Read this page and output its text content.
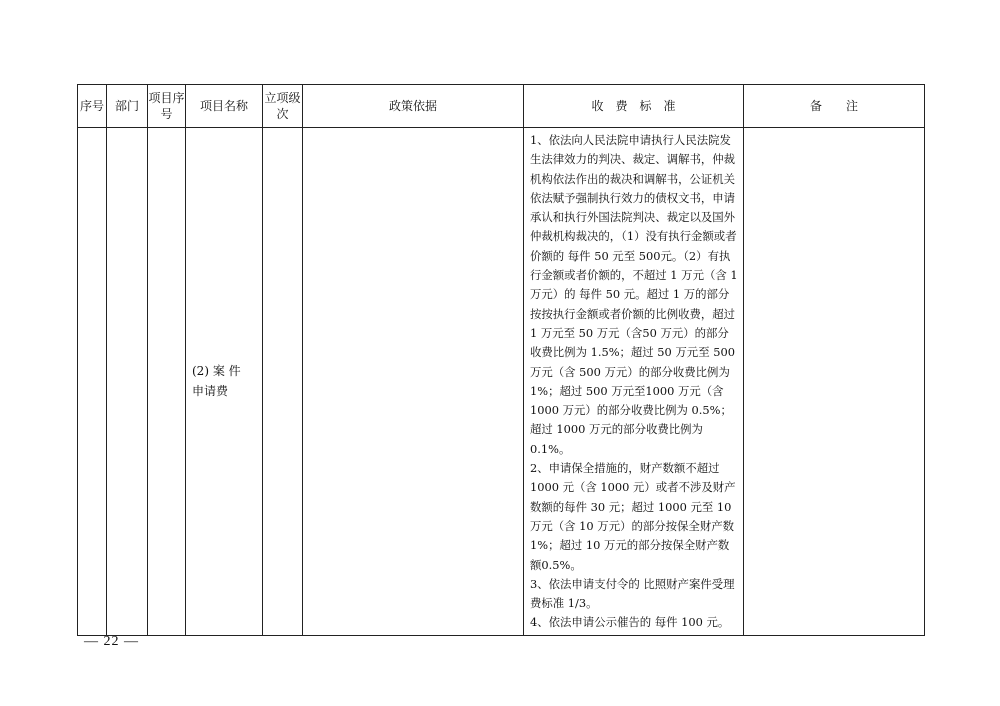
序号	部门	项目序号	项目名称	立项级次	政策依据	收　费　标　准	备　　注
			(2) 案 件 申请费			1、依法向人民法院申请执行人民法院发生法律效力的判决、裁定、调解书，仲裁机构依法作出的裁决和调解书，公证机关依法赋予强制执行效力的债权文书，申请承认和执行外国法院判决、裁定以及国外仲裁机构裁决的，（1）没有执行金额或者价额的 每件 50 元至 500元。（2）有执行金额或者价额的，不超过 1 万元（含 1 万元）的 每件 50 元。超过 1 万的部分按按执行金额或者价额的比例收费，超过 1 万元至 50 万元（含50 万元）的部分收费比例为 1.5%；超过 50 万元至 500 万元（含 500 万元）的部分收费比例为 1%；超过 500 万元至1000 万元（含 1000 万元）的部分收费比例为 0.5%；超过 1000 万元的部分收费比例为 0.1%。

2、申请保全措施的，财产数额不超过1000 元（含 1000 元）或者不涉及财产数额的每件 30 元；超过 1000 元至 10 万元（含 10 万元）的部分按保全财产数 1%；超过 10 万元的部分按保全财产数额0.5%。

3、依法申请支付令的 比照财产案件受理费标准 1/3。

4、依法申请公示催告的 每件 100 元。	

— 22 —
